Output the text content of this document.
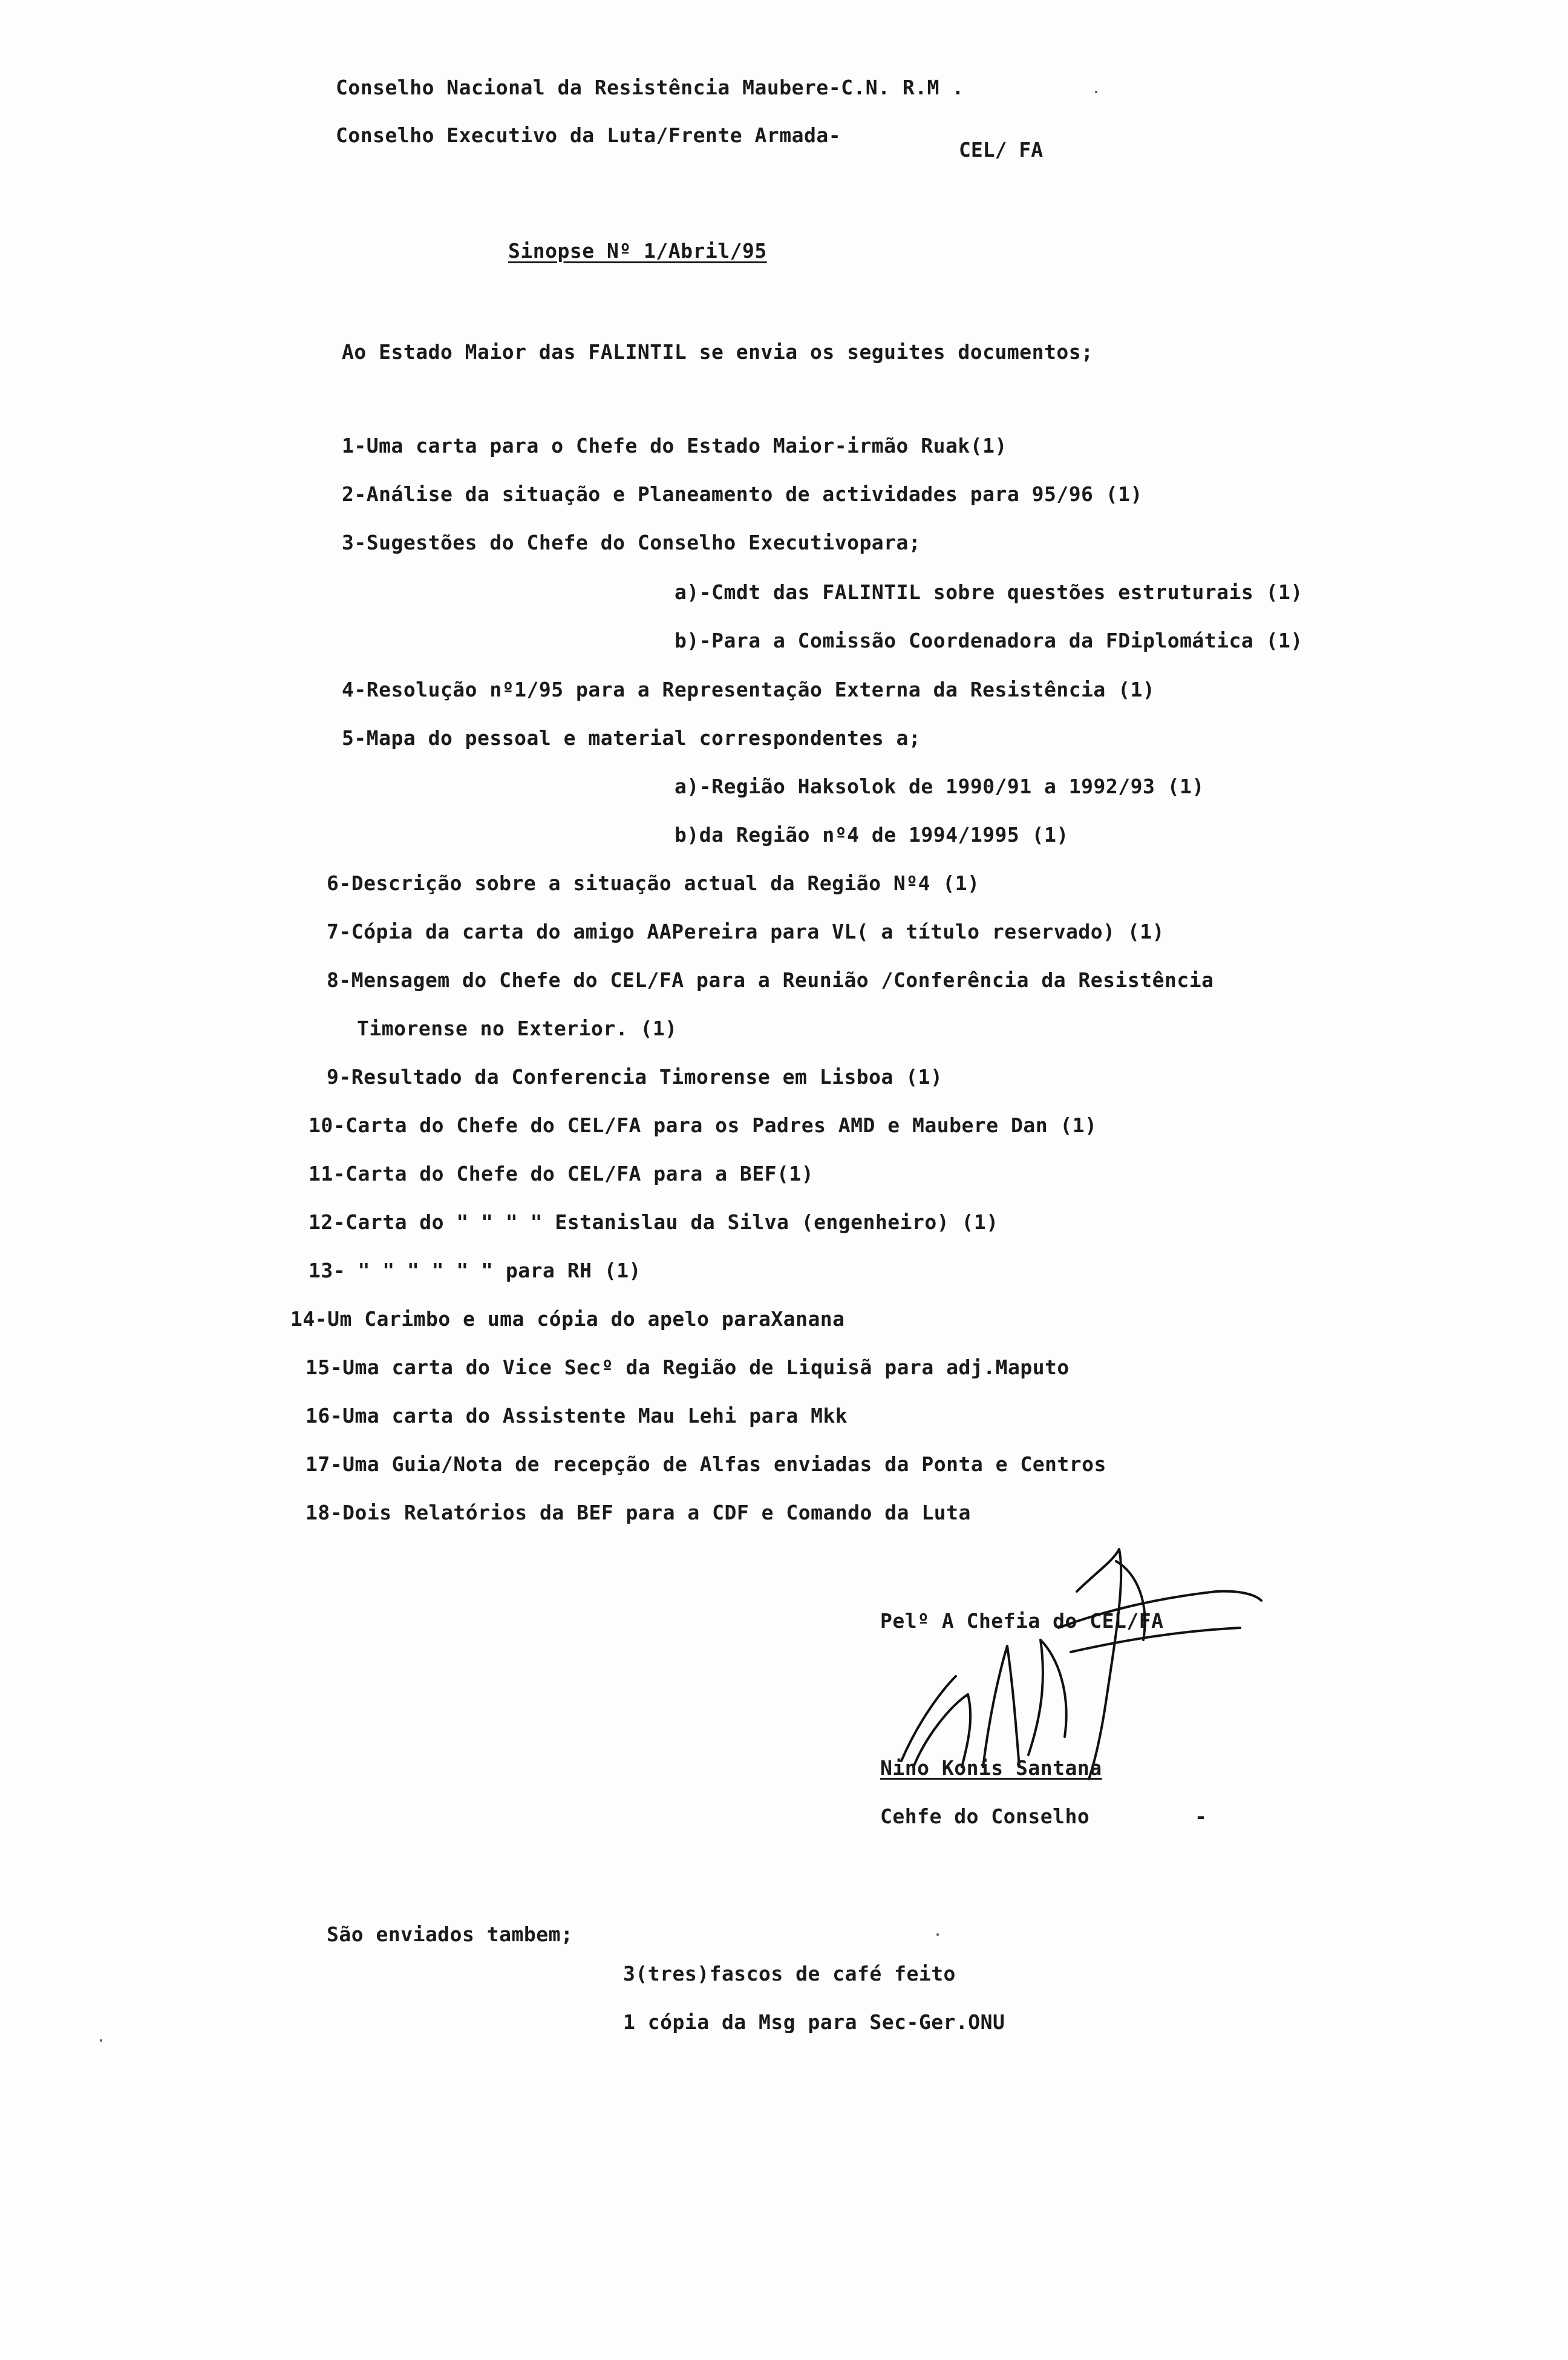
Conselho Nacional da Resistência Maubere-C.N. R.M .
Conselho Executivo da Luta/Frente Armada-
CEL/ FA
Sinopse Nº 1/Abril/95
Ao Estado Maior das FALINTIL se envia os seguites documentos;
1-Uma carta para o Chefe do Estado Maior-irmão Ruak(1)
2-Análise da situação e Planeamento de actividades para 95/96 (1)
3-Sugestões do Chefe do Conselho Executivopara;
a)-Cmdt das FALINTIL sobre questões estruturais (1)
b)-Para a Comissão Coordenadora da FDiplomática (1)
4-Resolução nº1/95 para a Representação Externa da Resistência (1)
5-Mapa do pessoal e material correspondentes a;
a)-Região Haksolok de 1990/91 a 1992/93 (1)
b)da Região nº4 de 1994/1995 (1)
6-Descrição sobre a situação actual da Região Nº4 (1)
7-Cópia da carta do amigo AAPereira para VL( a título reservado) (1)
8-Mensagem do Chefe do CEL/FA para a Reunião /Conferência da Resistência
Timorense no Exterior. (1)
9-Resultado da Conferencia Timorense em Lisboa (1)
10-Carta do Chefe do CEL/FA para os Padres AMD e Maubere Dan (1)
11-Carta do Chefe do CEL/FA para a BEF(1)
12-Carta do " " " " Estanislau da Silva (engenheiro) (1)
13- " " " " " " para RH (1)
14-Um Carimbo e uma cópia do apelo paraXanana
15-Uma carta do Vice Secº da Região de Liquisã para adj.Maputo
16-Uma carta do Assistente Mau Lehi para Mkk
17-Uma Guia/Nota de recepção de Alfas enviadas da Ponta e Centros
18-Dois Relatórios da BEF para a CDF e Comando da Luta
Pelº A Chefia do CEL/FA
Nino Konis Santana
Cehfe do Conselho	-
São enviados tambem;
3(tres)fascos de café feito
1 cópia da Msg para Sec-Ger.ONU
